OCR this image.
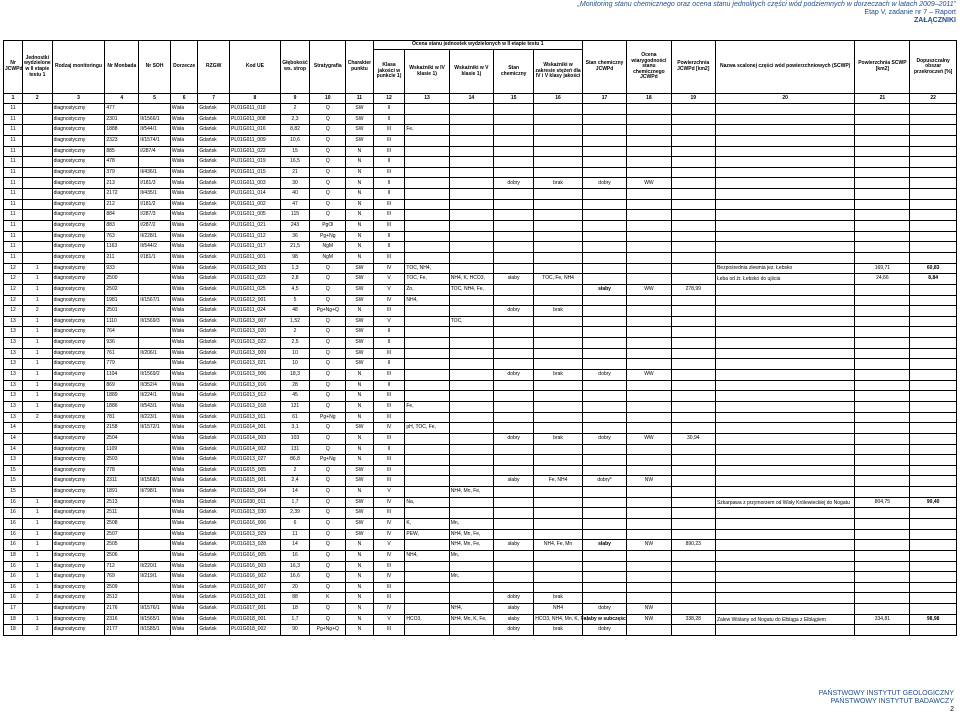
„Monitoring stanu chemicznego oraz ocena stanu jednolitych części wód podziemnych w dorzeczach w latach 2009–2011”
Etap V, zadanie nr 7 – Raport
ZAŁĄCZNIKI
Nr JCWPd	Jednostki wydzielone w II etapie testu 1	Rodzaj monitoringu	Nr Monbada	Nr SOH	Dorzecze	RZGW	Kod UE	Głębokość ws. strop	Stratygrafia	Charakter punktu	Ocena stanu jednostek wydzielonych w II etapie testu 1					Stan chemiczny JCWPd	Ocena wiarygodności stanu chemicznego JCWPd	Powierzchnia JCWPd [km2]	Nazwa scalonej części wód powierzchniowych (SCWP)	Powierzchnia SCWP [km2]	Dopuszczalny obszar przekroczeń [%]
											Klasa jakości w punkcie 1)	Wskaźniki w IV klasie 1)	Wskaźniki w V klasie 1)	Stan chemiczny	Wskaźniki w zakresie stężeń dla IV i V klasy jakości						
1	2	3	4	5	6	7	8	9	10	11	12	13	14	15	16	17	18	19	20	21	22
11		diagnostyczny	477		Wisła	Gdańsk	PL01G011_018	2	Q	SW	II										
11		diagnostyczny	2301	II/1566/1	Wisła	Gdańsk	PL01G011_008	2,3	Q	SW	II										
11		diagnostyczny	1888	II/544/1	Wisła	Gdańsk	PL01G011_016	8,82	Q	SW	III	Fe,									
11		diagnostyczny	2323	II/1574/1	Wisła	Gdańsk	PL01G011_009	10,6	Q	SW	III										
11		diagnostyczny	885	I/287/4	Wisła	Gdańsk	PL01G011_022	15	Q	N	III										
11		diagnostyczny	478		Wisła	Gdańsk	PL01G011_019	16,5	Q	N	II										
11		diagnostyczny	379	II/436/1	Wisła	Gdańsk	PL01G011_015	21	Q	N	III										
11		diagnostyczny	213	I/181/3	Wisła	Gdańsk	PL01G011_003	30	Q	N	II			dobry	brak	dobry	WW				
11		diagnostyczny	2172	II/435/1	Wisła	Gdańsk	PL01G011_014	40	Q	N	II										
11		diagnostyczny	212	I/181/2	Wisła	Gdańsk	PL01G011_002	47	Q	N	III										
11		diagnostyczny	884	I/287/3	Wisła	Gdańsk	PL01G011_005	115	Q	N	III										
11		diagnostyczny	883	I/287/2	Wisła	Gdańsk	PL01G011_021	243	PgOl	N	III										
11		diagnostyczny	763	II/228/1	Wisła	Gdańsk	PL01G011_012	36	Pg+Ng	N	II										
11		diagnostyczny	1163	II/544/2	Wisła	Gdańsk	PL01G011_017	21,5	NgM	N	II										
11		diagnostyczny	211	I/181/1	Wisła	Gdańsk	PL01G011_001	98	NgM	N	III										
12	1	diagnostyczny	933		Wisła	Gdańsk	PL01G012_003	1,3	Q	SW	IV	TOC, NH4,							Bezpośrednia zlewnia jez. Łebsko	169,71	60,83
12	1	diagnostyczny	2500		Wisła	Gdańsk	PL01G011_023	2,8	Q	SW	V	TOC, Fe,	NH4, K, HCO3,	słaby	TOC, Fe, NH4				Łeba od źr. Łebsko do ujścia	24,66	8,84
12	1	diagnostyczny	2502		Wisła	Gdańsk	PL01G011_025	4,5	Q	SW	V	Zn,	TOC, NH4, Fe,			słaby	WW	278,99			
12	1	diagnostyczny	1981	II/1567/1	Wisła	Gdańsk	PL01G012_001	5	Q	SW	IV	NH4,									
12	2	diagnostyczny	2501		Wisła	Gdańsk	PL01G011_024	48	Pg+Ng+Q	N	III			dobry	brak						
13	1	diagnostyczny	1110	II/1569/3	Wisła	Gdańsk	PL01G013_007	1,52	Q	SW	V		TOC,								
13	1	diagnostyczny	764		Wisła	Gdańsk	PL01G013_020	2	Q	SW	II										
13	1	diagnostyczny	936		Wisła	Gdańsk	PL01G013_022	2,5	Q	SW	II										
13	1	diagnostyczny	761	II/206/1	Wisła	Gdańsk	PL01G013_009	10	Q	SW	III										
13	1	diagnostyczny	779		Wisła	Gdańsk	PL01G013_021	10	Q	SW	II										
13	1	diagnostyczny	1104	II/1569/2	Wisła	Gdańsk	PL01G013_006	18,3	Q	N	III			dobry	brak	dobry	WW				
13	1	diagnostyczny	869	II/352/4	Wisła	Gdańsk	PL01G013_016	28	Q	N	II										
13	1	diagnostyczny	1889	II/224/1	Wisła	Gdańsk	PL01G013_012	45	Q	N	III										
13	1	diagnostyczny	1886	II/543/1	Wisła	Gdańsk	PL01G013_018	121	Q	N	III	Fe,									
13	2	diagnostyczny	781	II/223/1	Wisła	Gdańsk	PL01G013_011	61	Pg+Ng	N	III										
14		diagnostyczny	2158	II/1572/1	Wisła	Gdańsk	PL01G014_001	3,1	Q	SW	IV	pH, TOC, Fe,									
14		diagnostyczny	2504		Wisła	Gdańsk	PL01G014_003	103	Q	N	III			dobry	brak	dobry	WW	30,94			
14		diagnostyczny	1109		Wisła	Gdańsk	PL01G014_002	131	Q	N	II										
13		diagnostyczny	2503		Wisła	Gdańsk	PL01G013_027	86,8	Pg+Ng	N	III										
15		diagnostyczny	778		Wisła	Gdańsk	PL01G015_005	2	Q	SW	III										
15		diagnostyczny	2311	II/1568/1	Wisła	Gdańsk	PL01G015_001	2,4	Q	SW	III			słaby	Fe, NH4	dobry*	NW				
15		diagnostyczny	1891	II/798/1	Wisła	Gdańsk	PL01G015_004	14	Q	N	V		NH4, Mn, Fe,								
16	1	diagnostyczny	2513		Wisła	Gdańsk	PL01G030_011	1,7	Q	SW	IV	Na,							Szkarpawa z przymorzem od Wisły Królewieckiej do Nogatu	804,75	90,40
16	1	diagnostyczny	2511		Wisła	Gdańsk	PL01G013_030	2,39	Q	SW	III										
16	1	diagnostyczny	2508		Wisła	Gdańsk	PL01G016_006	6	Q	SW	IV	K,	Mn,								
16	1	diagnostyczny	2507		Wisła	Gdańsk	PL01G013_029	11	Q	SW	IV	PEW,	NH4, Mn, Fe,								
16	1	diagnostyczny	2505		Wisła	Gdańsk	PL01G013_028	14	Q	N	V		NH4, Mn, Fe,	słaby	NH4, Fe, Mn	słaby	NW	890,23			
18	1	diagnostyczny	2506		Wisła	Gdańsk	PL01G016_005	16	Q	N	IV	NH4,	Mn,								
16	1	diagnostyczny	712	II/220/1	Wisła	Gdańsk	PL01G016_003	16,3	Q	N	III										
16	1	diagnostyczny	769	II/219/1	Wisła	Gdańsk	PL01G016_002	16,6	Q	N	IV		Mn,								
16	1	diagnostyczny	2509		Wisła	Gdańsk	PL01G016_007	20	Q	N	III										
16	2	diagnostyczny	2512		Wisła	Gdańsk	PL01G013_031	88	K	N	III			dobry	brak						
17		diagnostyczny	2176	II/1576/1	Wisła	Gdańsk	PL01G017_001	18	Q	N	IV		NH4,	słaby	NH4	dobry	NW				
18	1	diagnostyczny	2316	II/1565/1	Wisła	Gdańsk	PL01G018_001	1,7	Q	N	V	HCO3,	NH4, Mn, K, Fe,	słaby	HCO3, NH4, Mn, K, Fe,	słaby w subczęści	NW	338,28	Zalew Wiślany od Nogatu do Elbląga z Elblągiem	334,81	98,98
18	2	diagnostyczny	2177	II/1585/1	Wisła	Gdańsk	PL01G018_002	90	Pg+Ng+Q	N	III			dobry	brak	dobry					
PAŃSTWOWY INSTYTUT GEOLOGICZNY
PAŃSTWOWY INSTYTUT BADAWCZY
2
